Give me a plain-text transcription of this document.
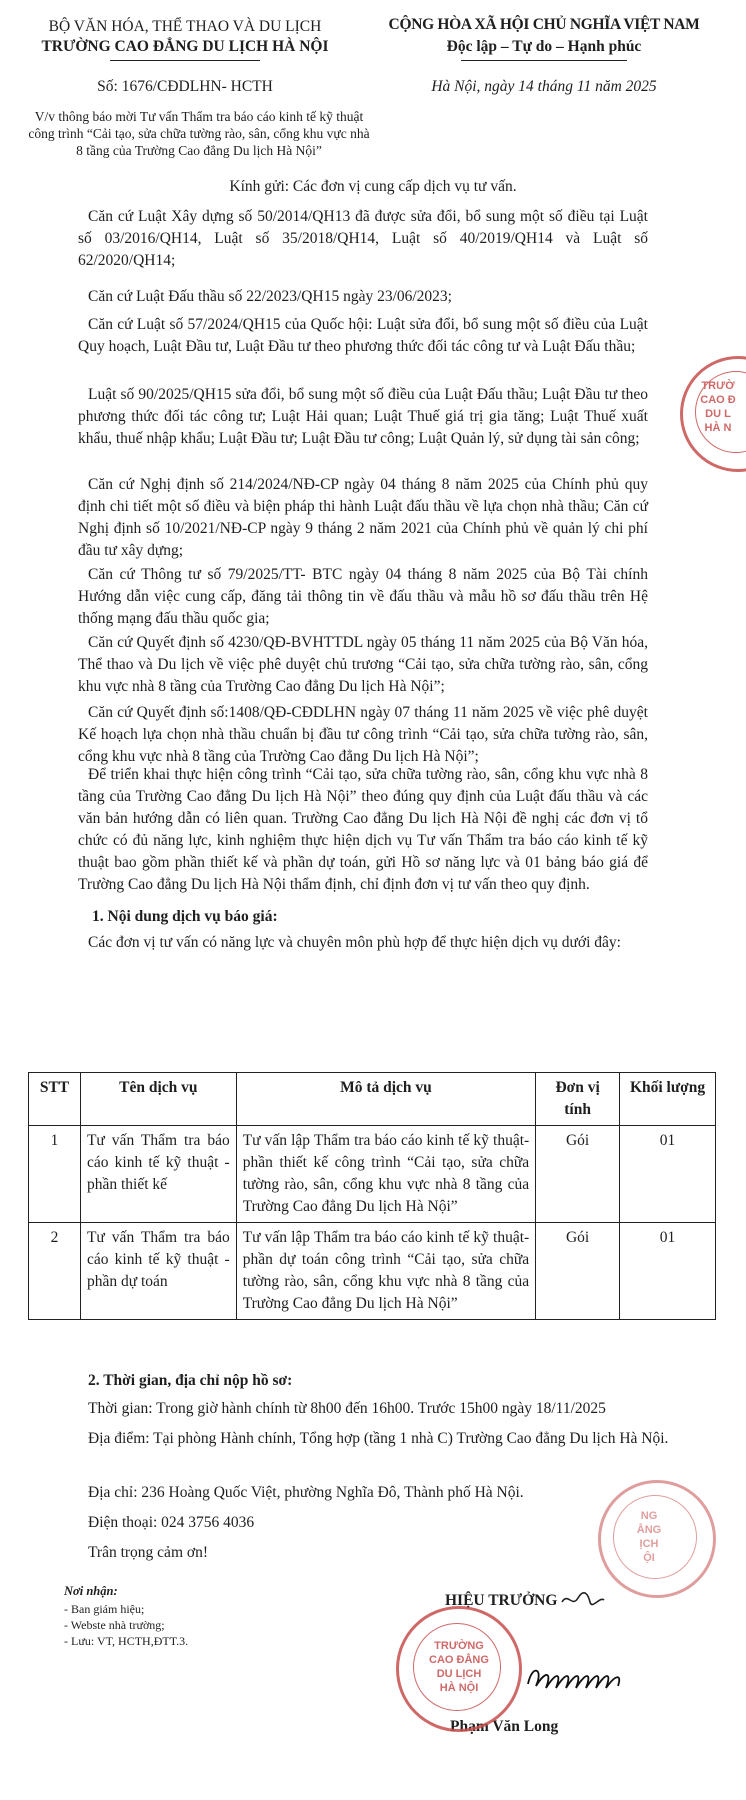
BỘ VĂN HÓA, THỂ THAO VÀ DU LỊCH
TRƯỜNG CAO ĐẲNG DU LỊCH HÀ NỘI
CỘNG HÒA XÃ HỘI CHỦ NGHĨA VIỆT NAM
Độc lập – Tự do – Hạnh phúc
Số: 1676/CĐDLHN- HCTH	Hà Nội, ngày 14 tháng 11 năm 2025
V/v thông báo mời Tư vấn Thẩm tra báo cáo kinh tế kỹ thuật công trình “Cải tạo, sửa chữa tường rào, sân, cổng khu vực nhà 8 tầng của Trường Cao đẳng Du lịch Hà Nội”
Kính gửi: Các đơn vị cung cấp dịch vụ tư vấn.
Căn cứ Luật Xây dựng số 50/2014/QH13 đã được sửa đổi, bổ sung một số điều tại Luật số 03/2016/QH14, Luật số 35/2018/QH14, Luật số 40/2019/QH14 và Luật số 62/2020/QH14;
Căn cứ Luật Đấu thầu số 22/2023/QH15 ngày 23/06/2023;
Căn cứ Luật số 57/2024/QH15 của Quốc hội: Luật sửa đổi, bổ sung một số điều của Luật Quy hoạch, Luật Đầu tư, Luật Đầu tư theo phương thức đối tác công tư và Luật Đấu thầu;
Luật số 90/2025/QH15 sửa đổi, bổ sung một số điều của Luật Đấu thầu; Luật Đầu tư theo phương thức đối tác công tư; Luật Hải quan; Luật Thuế giá trị gia tăng; Luật Thuế xuất khẩu, thuế nhập khẩu; Luật Đầu tư; Luật Đầu tư công; Luật Quản lý, sử dụng tài sản công;
Căn cứ Nghị định số 214/2024/NĐ-CP ngày 04 tháng 8 năm 2025 của Chính phủ quy định chi tiết một số điều và biện pháp thi hành Luật đấu thầu về lựa chọn nhà thầu; Căn cứ Nghị định số 10/2021/NĐ-CP ngày 9 tháng 2 năm 2021 của Chính phủ về quản lý chi phí đầu tư xây dựng;
Căn cứ Thông tư số 79/2025/TT- BTC ngày 04 tháng 8 năm 2025 của Bộ Tài chính Hướng dẫn việc cung cấp, đăng tải thông tin về đấu thầu và mẫu hồ sơ đấu thầu trên Hệ thống mạng đấu thầu quốc gia;
Căn cứ Quyết định số 4230/QĐ-BVHTTDL ngày 05 tháng 11 năm 2025 của Bộ Văn hóa, Thể thao và Du lịch về việc phê duyệt chủ trương “Cải tạo, sửa chữa tường rào, sân, cổng khu vực nhà 8 tầng của Trường Cao đẳng Du lịch Hà Nội”;
Căn cứ Quyết định số:1408/QĐ-CĐDLHN ngày 07 tháng 11 năm 2025 về việc phê duyệt Kế hoạch lựa chọn nhà thầu chuẩn bị đầu tư công trình “Cải tạo, sửa chữa tường rào, sân, cổng khu vực nhà 8 tầng của Trường Cao đẳng Du lịch Hà Nội”;
Để triển khai thực hiện công trình “Cải tạo, sửa chữa tường rào, sân, cổng khu vực nhà 8 tầng của Trường Cao đẳng Du lịch Hà Nội” theo đúng quy định của Luật đấu thầu và các văn bản hướng dẫn có liên quan. Trường Cao đẳng Du lịch Hà Nội đề nghị các đơn vị tổ chức có đủ năng lực, kinh nghiệm thực hiện dịch vụ Tư vấn Thẩm tra báo cáo kinh tế kỹ thuật bao gồm phần thiết kế và phần dự toán, gửi Hồ sơ năng lực và 01 bảng báo giá để Trường Cao đẳng Du lịch Hà Nội thẩm định, chỉ định đơn vị tư vấn theo quy định.
1. Nội dung dịch vụ báo giá:
Các đơn vị tư vấn có năng lực và chuyên môn phù hợp để thực hiện dịch vụ dưới đây:
STT	Tên dịch vụ	Mô tả dịch vụ	Đơn vị tính	Khối lượng
1	Tư vấn Thẩm tra báo cáo kinh tế kỹ thuật - phần thiết kế	Tư vấn lập Thẩm tra báo cáo kinh tế kỹ thuật- phần thiết kế công trình “Cải tạo, sửa chữa tường rào, sân, cổng khu vực nhà 8 tầng của Trường Cao đẳng Du lịch Hà Nội”	Gói	01
2	Tư vấn Thẩm tra báo cáo kinh tế kỹ thuật - phần dự toán	Tư vấn lập Thẩm tra báo cáo kinh tế kỹ thuật- phần dự toán công trình “Cải tạo, sửa chữa tường rào, sân, cổng khu vực nhà 8 tầng của Trường Cao đẳng Du lịch Hà Nội”	Gói	01
2. Thời gian, địa chỉ nộp hồ sơ:
Thời gian: Trong giờ hành chính từ 8h00 đến 16h00. Trước 15h00 ngày 18/11/2025
Địa điểm: Tại phòng Hành chính, Tổng hợp (tầng 1 nhà C) Trường Cao đẳng Du lịch Hà Nội.
Địa chỉ: 236 Hoàng Quốc Việt, phường Nghĩa Đô, Thành phố Hà Nội.
Điện thoại: 024 3756 4036
Trân trọng cảm ơn!
Nơi nhận:
- Ban giám hiệu;
- Webste nhà trường;
- Lưu: VT, HCTH,ĐTT.3.
HIỆU TRƯỞNG
Phạm Văn Long
TRƯỜNG
CAO ĐẲNG
DU LỊCH
HÀ NỘI
TRƯỜ
CAO Đ
DU L
HÀ N
NG
ẲNG
ỊCH
ỘI
